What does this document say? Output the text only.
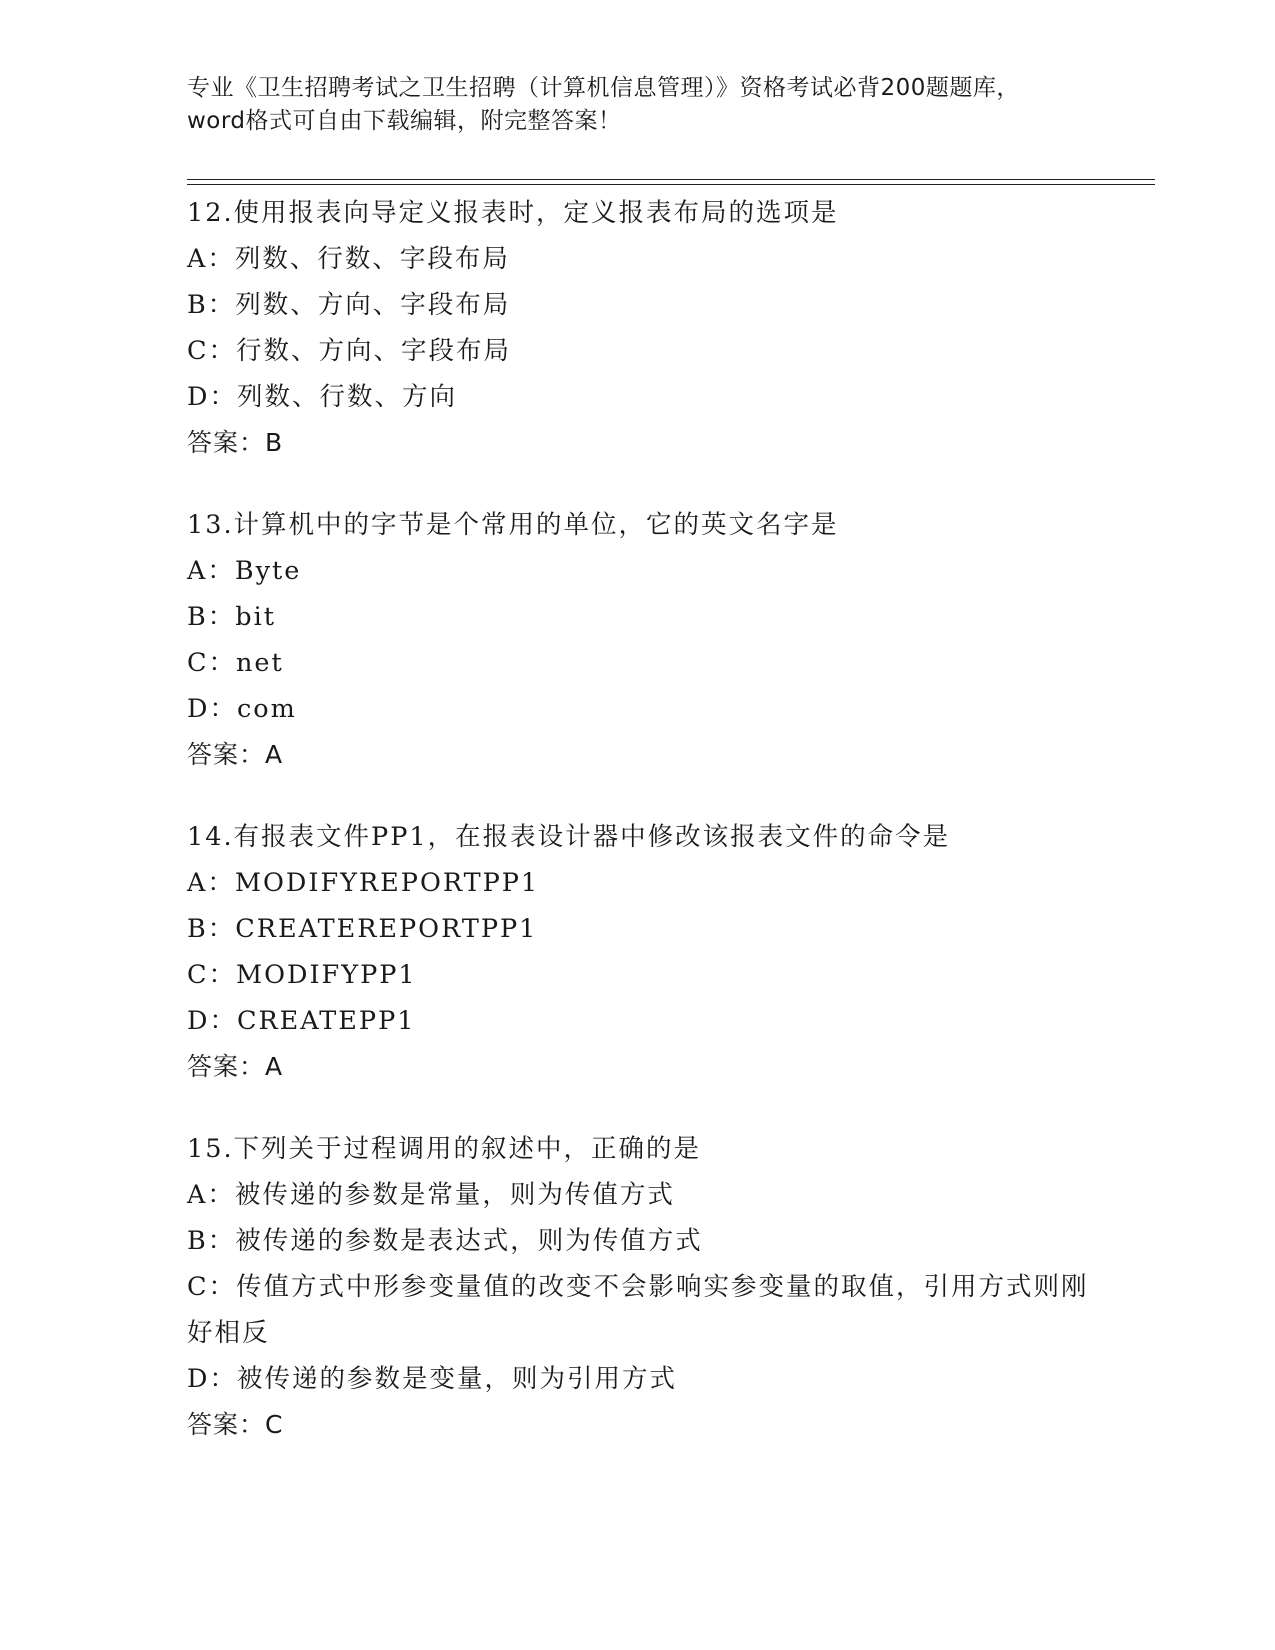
专业《卫生招聘考试之卫生招聘（计算机信息管理）》资格考试必背200题题库，
word格式可自由下载编辑，附完整答案！
12.使用报表向导定义报表时，定义报表布局的选项是
A：列数、行数、字段布局
B：列数、方向、字段布局
C：行数、方向、字段布局
D：列数、行数、方向
答案：B
13.计算机中的字节是个常用的单位，它的英文名字是
A：Byte
B：bit
C：net
D：com
答案：A
14.有报表文件PP1，在报表设计器中修改该报表文件的命令是
A：MODIFYREPORTPP1
B：CREATEREPORTPP1
C：MODIFYPP1
D：CREATEPP1
答案：A
15.下列关于过程调用的叙述中，正确的是
A：被传递的参数是常量，则为传值方式
B：被传递的参数是表达式，则为传值方式
C：传值方式中形参变量值的改变不会影响实参变量的取值，引用方式则刚好相反
D：被传递的参数是变量，则为引用方式
答案：C
